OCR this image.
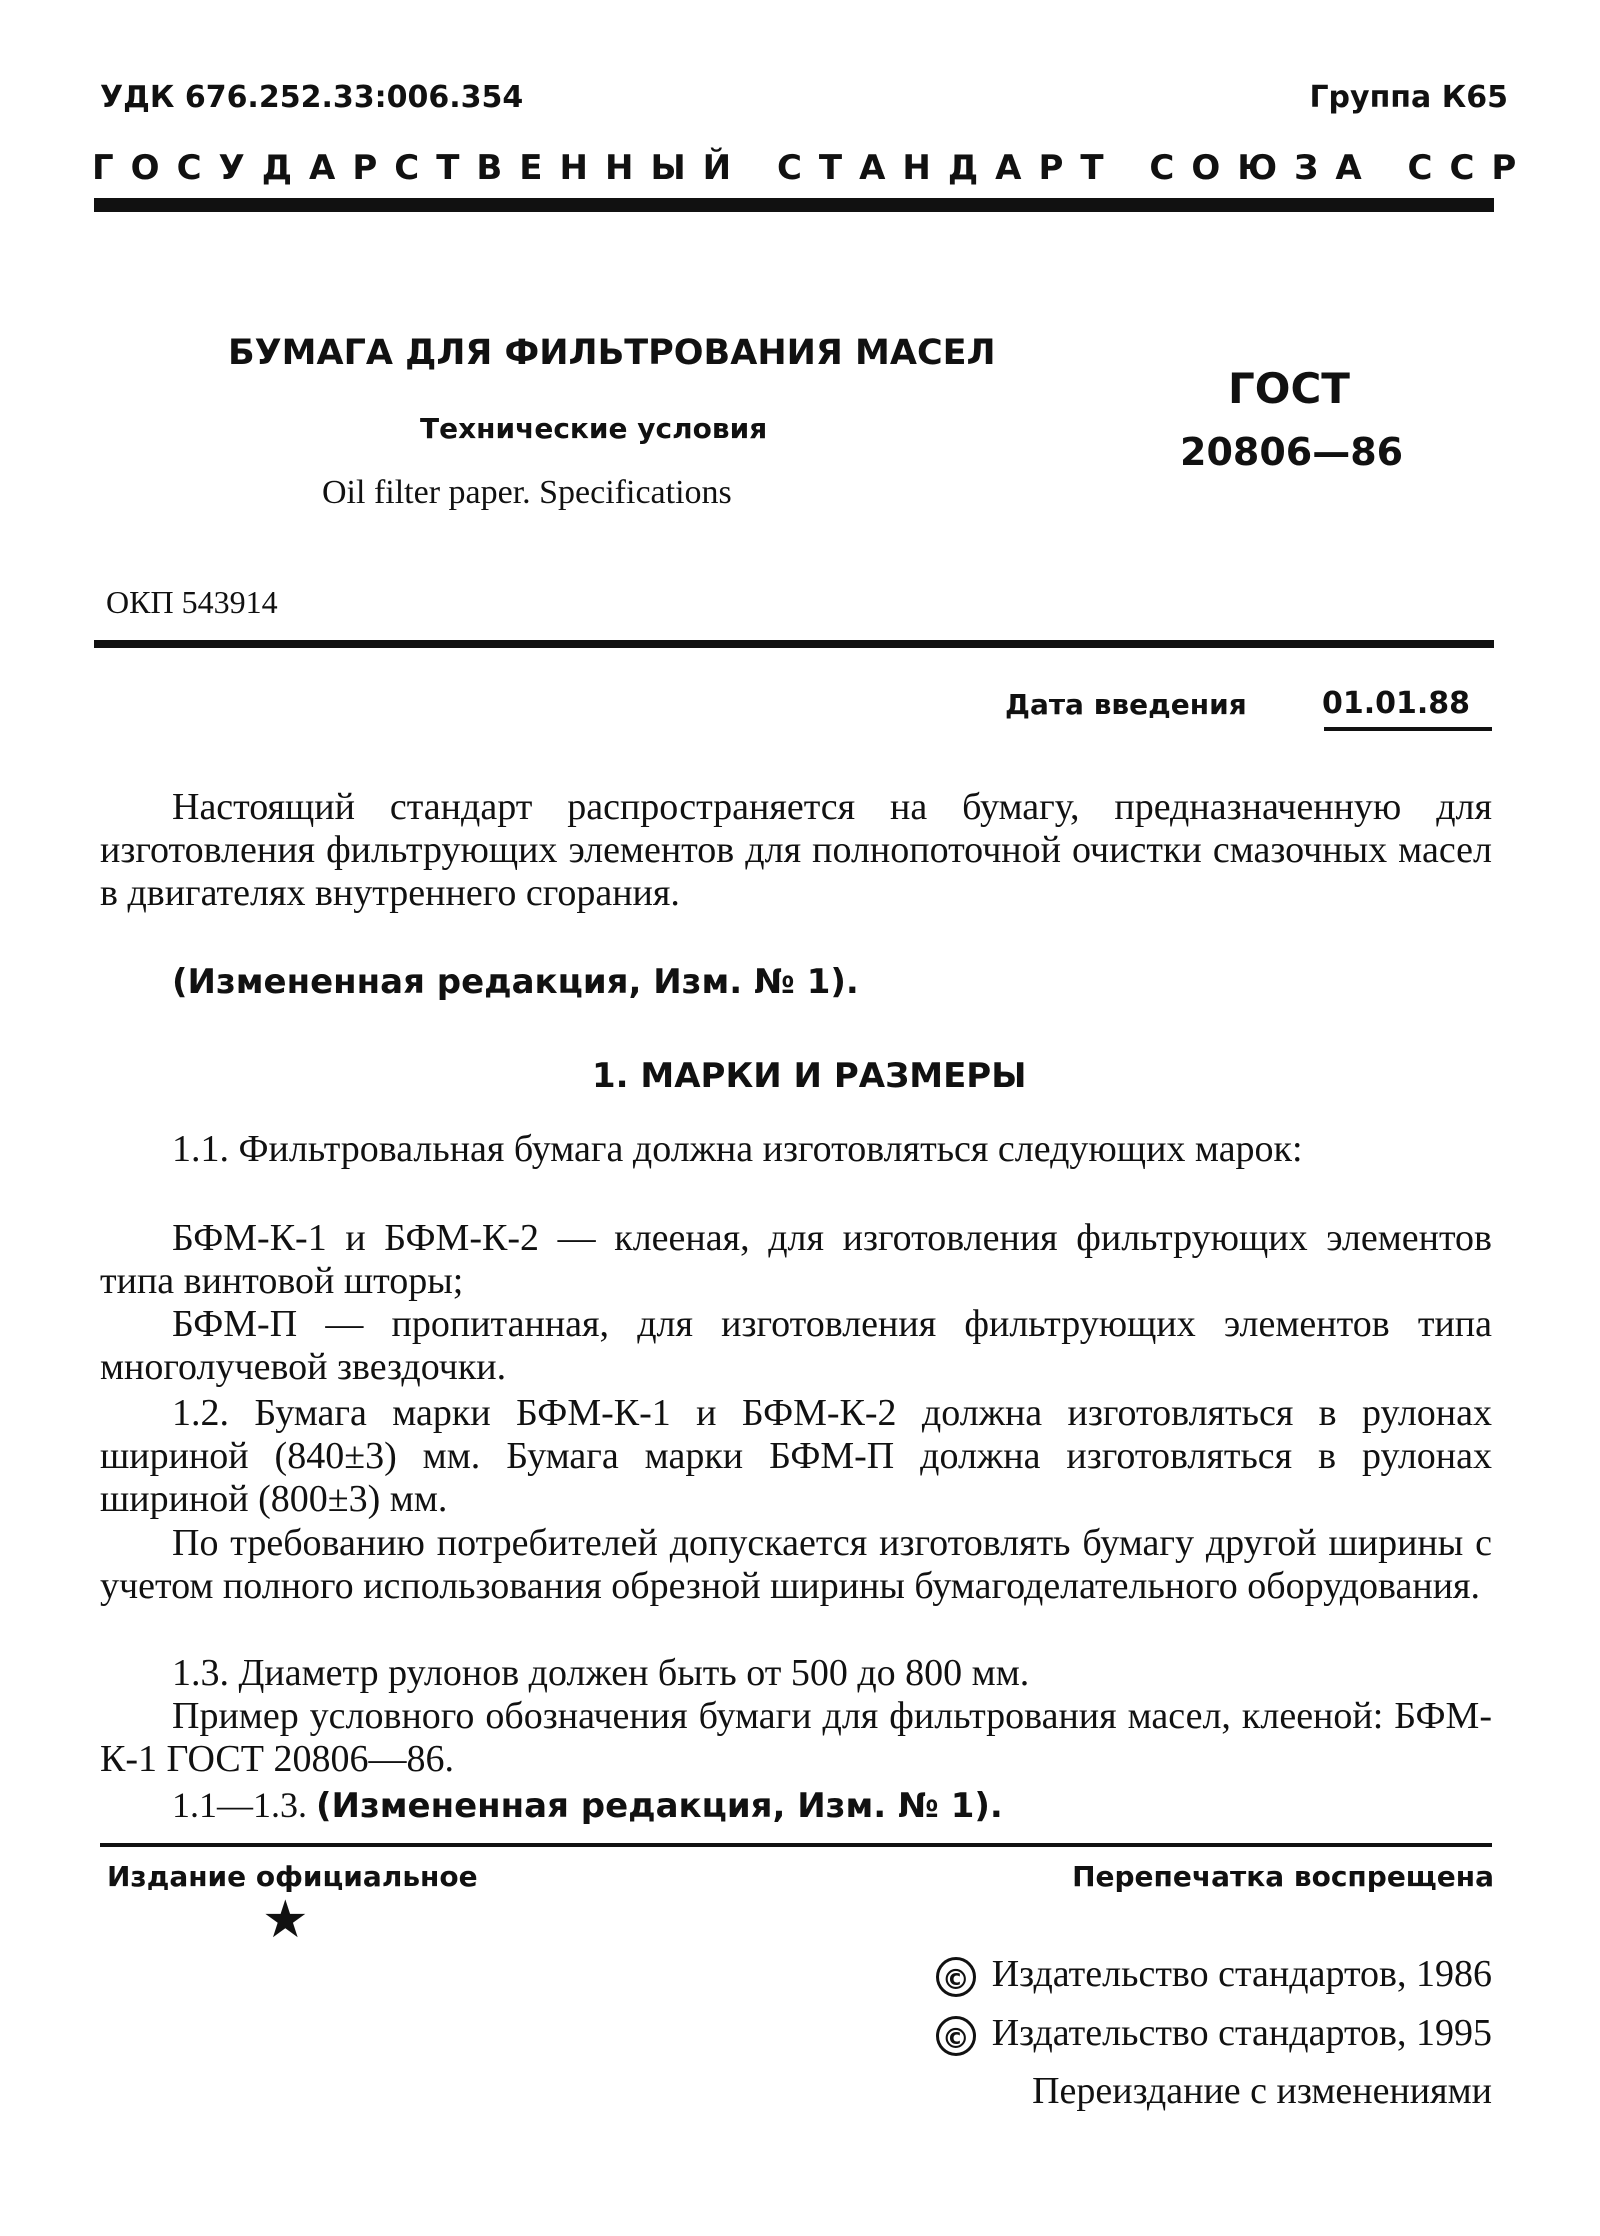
УДК 676.252.33:006.354	Группа К65
ГОСУДАРСТВЕННЫЙ СТАНДАРТ СОЮЗА ССР
БУМАГА ДЛЯ ФИЛЬТРОВАНИЯ МАСЕЛ
Технические условия
Oil filter paper. Specifications
ГОСТ
20806—86
ОКП 543914
Дата введения	01.01.88

Настоящий стандарт распространяется на бумагу, предназначенную для изготовления фильтрующих элементов для полнопоточной очистки смазочных масел в двигателях внутреннего сгорания.

(Измененная редакция, Изм. № 1).
1. МАРКИ И РАЗМЕРЫ

1.1. Фильтровальная бумага должна изготовляться следующих марок:

БФМ-К-1 и БФМ-К-2 — клееная, для изготовления фильтрующих элементов типа винтовой шторы;

БФМ-П — пропитанная, для изготовления фильтрующих элементов типа многолучевой звездочки.

1.2. Бумага марки БФМ-К-1 и БФМ-К-2 должна изготовляться в рулонах шириной (840±3) мм. Бумага марки БФМ-П должна изготовляться в рулонах шириной (800±3) мм.

По требованию потребителей допускается изготовлять бумагу другой ширины с учетом полного использования обрезной ширины бумагоделательного оборудования.

1.3. Диаметр рулонов должен быть от 500 до 800 мм.

Пример условного обозначения бумаги для фильтрования масел, клееной: БФМ-К-1 ГОСТ 20806—86.

1.1—1.3. (Измененная редакция, Изм. № 1).
Издание официальное	Перепечатка воспрещена
★
© Издательство стандартов, 1986
© Издательство стандартов, 1995
Переиздание с изменениями
